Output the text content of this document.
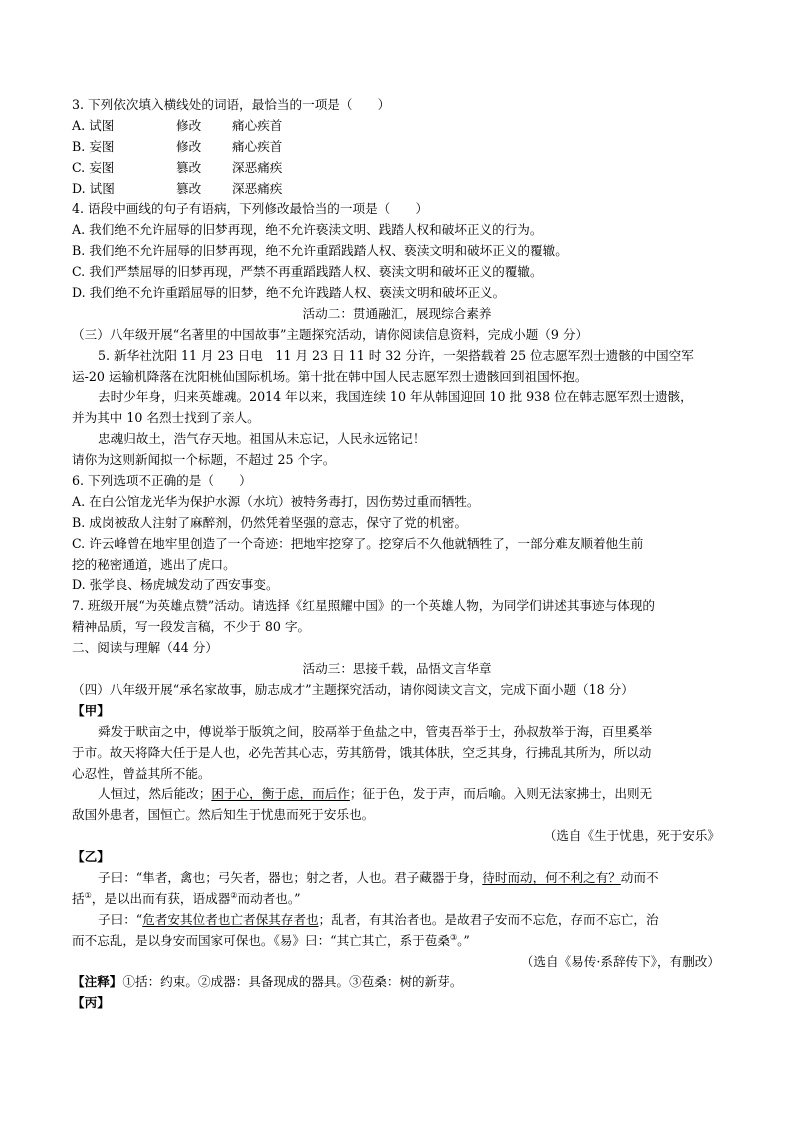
3. 下列依次填入横线处的词语，最恰当的一项是（　　）
A. 试图	修改 痛心疾首
B. 妄图	修改 痛心疾首
C. 妄图	篡改 深恶痛疾
D. 试图	篡改 深恶痛疾
4. 语段中画线的句子有语病，下列修改最恰当的一项是（　　）
A. 我们绝不允许屈辱的旧梦再现，绝不允许亵渎文明、践踏人权和破坏正义的行为。
B. 我们绝不允许屈辱的旧梦再现，绝不允许重蹈践踏人权、亵渎文明和破坏正义的覆辙。
C. 我们严禁屈辱的旧梦再现，严禁不再重蹈践踏人权、亵渎文明和破坏正义的覆辙。
D. 我们绝不允许重蹈屈辱的旧梦，绝不允许践踏人权、亵渎文明和破坏正义。
活动二：贯通融汇，展现综合素养
（三）八年级开展“名著里的中国故事”主题探究活动，请你阅读信息资料，完成小题（9 分）
5. 新华社沈阳 11 月 23 日电　11 月 23 日 11 时 32 分许，一架搭载着 25 位志愿军烈士遗骸的中国空军
运-20 运输机降落在沈阳桃仙国际机场。第十批在韩中国人民志愿军烈士遗骸回到祖国怀抱。
去时少年身，归来英雄魂。2014 年以来，我国连续 10 年从韩国迎回 10 批 938 位在韩志愿军烈士遗骸，
并为其中 10 名烈士找到了亲人。
忠魂归故土，浩气存天地。祖国从未忘记，人民永远铭记！
请你为这则新闻拟一个标题，不超过 25 个字。
6. 下列选项不正确的是（　　）
A. 在白公馆龙光华为保护水源（水坑）被特务毒打，因伤势过重而牺牲。
B. 成岗被敌人注射了麻醉剂，仍然凭着坚强的意志，保守了党的机密。
C. 许云峰曾在地牢里创造了一个奇迹：把地牢挖穿了。挖穿后不久他就牺牲了，一部分难友顺着他生前
挖的秘密通道，逃出了虎口。
D. 张学良、杨虎城发动了西安事变。
7. 班级开展“为英雄点赞”活动。请选择《红星照耀中国》的一个英雄人物，为同学们讲述其事迹与体现的
精神品质，写一段发言稿，不少于 80 字。
二、阅读与理解（44 分）
活动三：思接千载，品悟文言华章
（四）八年级开展“承名家故事，励志成才”主题探究活动，请你阅读文言文，完成下面小题（18 分）
【甲】
舜发于畎亩之中，傅说举于版筑之间，胶鬲举于鱼盐之中，管夷吾举于士，孙叔敖举于海，百里奚举
于市。故天将降大任于是人也，必先苦其心志，劳其筋骨，饿其体肤，空乏其身，行拂乱其所为，所以动
心忍性，曾益其所不能。
人恒过，然后能改；困于心，衡于虑，而后作；征于色，发于声，而后喻。入则无法家拂士，出则无
敌国外患者，国恒亡。然后知生于忧患而死于安乐也。
（选自《生于忧患，死于安乐》
【乙】
子曰：“隼者，禽也；弓矢者，器也；射之者，人也。君子藏器于身，待时而动，何不利之有？动而不
括①，是以出而有获，语成器②而动者也。”
子曰：“危者安其位者也亡者保其存者也；乱者，有其治者也。是故君子安而不忘危，存而不忘亡，治
而不忘乱，是以身安而国家可保也。《易》曰：“其亡其亡，系于苞桑③。”
（选自《易传·系辞传下》，有删改）
【注释】①括：约束。②成器：具备现成的器具。③苞桑：树的新芽。
【丙】
